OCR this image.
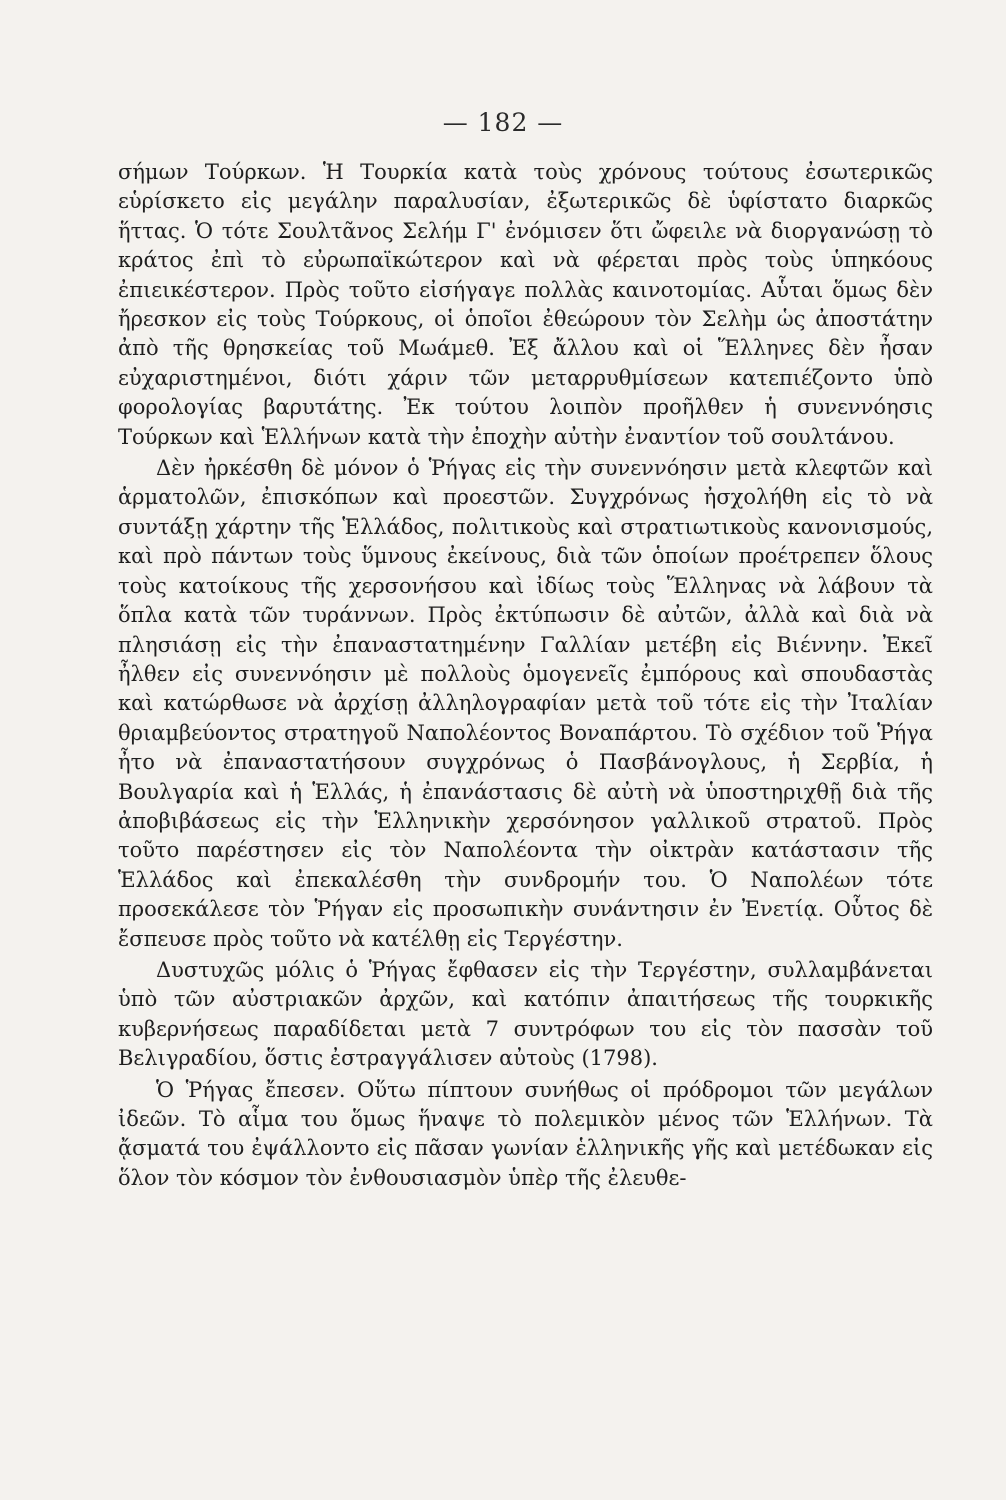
— 182 —

σήμων Τούρκων. Ἡ Τουρκία κατὰ τοὺς χρόνους τούτους ἐσωτερικῶς εὑρίσκετο εἰς μεγάλην παραλυσίαν, ἐξωτερικῶς δὲ ὑφίστατο διαρκῶς ἥττας. Ὁ τότε Σουλτᾶνος Σελήμ Γ' ἐνόμισεν ὅτι ὤφειλε νὰ διοργανώσῃ τὸ κράτος ἐπὶ τὸ εὐρωπαϊκώτερον καὶ νὰ φέρεται πρὸς τοὺς ὑπηκόους ἐπιεικέστερον. Πρὸς τοῦτο εἰσήγαγε πολλὰς καινοτομίας. Αὗται ὅμως δὲν ἤρεσκον εἰς τοὺς Τούρκους, οἱ ὁποῖοι ἐθεώρουν τὸν Σελὴμ ὡς ἀποστάτην ἀπὸ τῆς θρησκείας τοῦ Μωάμεθ. Ἐξ ἄλλου καὶ οἱ Ἕλληνες δὲν ἦσαν εὐχαριστημένοι, διότι χάριν τῶν μεταρρυθμίσεων κατεπιέζοντο ὑπὸ φορολογίας βαρυτάτης. Ἐκ τούτου λοιπὸν προῆλθεν ἡ συνεννόησις Τούρκων καὶ Ἑλλήνων κατὰ τὴν ἐποχὴν αὐτὴν ἐναντίον τοῦ σουλτάνου.

Δὲν ἠρκέσθη δὲ μόνον ὁ Ῥήγας εἰς τὴν συνεννόησιν μετὰ κλεφτῶν καὶ ἁρματολῶν, ἐπισκόπων καὶ προεστῶν. Συγχρόνως ἠσχολήθη εἰς τὸ νὰ συντάξῃ χάρτην τῆς Ἑλλάδος, πολιτικοὺς καὶ στρατιωτικοὺς κανονισμούς, καὶ πρὸ πάντων τοὺς ὕμνους ἐκείνους, διὰ τῶν ὁποίων προέτρεπεν ὅλους τοὺς κατοίκους τῆς χερσονήσου καὶ ἰδίως τοὺς Ἕλληνας νὰ λάβουν τὰ ὅπλα κατὰ τῶν τυράννων. Πρὸς ἐκτύπωσιν δὲ αὐτῶν, ἀλλὰ καὶ διὰ νὰ πλησιάσῃ εἰς τὴν ἐπαναστατημένην Γαλλίαν μετέβη εἰς Βιέννην. Ἐκεῖ ἦλθεν εἰς συνεννόησιν μὲ πολλοὺς ὁμογενεῖς ἐμπόρους καὶ σπουδαστὰς καὶ κατώρθωσε νὰ ἀρχίσῃ ἀλληλογραφίαν μετὰ τοῦ τότε εἰς τὴν Ἰταλίαν θριαμβεύοντος στρατηγοῦ Ναπολέοντος Βοναπάρτου. Τὸ σχέδιον τοῦ Ῥήγα ἦτο νὰ ἐπαναστατήσουν συγχρόνως ὁ Πασβάνογλους, ἡ Σερβία, ἡ Βουλγαρία καὶ ἡ Ἑλλάς, ἡ ἐπανάστασις δὲ αὐτὴ νὰ ὑποστηριχθῇ διὰ τῆς ἀποβιβάσεως εἰς τὴν Ἑλληνικὴν χερσόνησον γαλλικοῦ στρατοῦ. Πρὸς τοῦτο παρέστησεν εἰς τὸν Ναπολέοντα τὴν οἰκτρὰν κατάστασιν τῆς Ἑλλάδος καὶ ἐπεκαλέσθη τὴν συνδρομήν του. Ὁ Ναπολέων τότε προσεκάλεσε τὸν Ῥήγαν εἰς προσωπικὴν συνάντησιν ἐν Ἐνετίᾳ. Οὗτος δὲ ἔσπευσε πρὸς τοῦτο νὰ κατέλθῃ εἰς Τεργέστην.

Δυστυχῶς μόλις ὁ Ῥήγας ἔφθασεν εἰς τὴν Τεργέστην, συλλαμβάνεται ὑπὸ τῶν αὐστριακῶν ἀρχῶν, καὶ κατόπιν ἀπαιτήσεως τῆς τουρκικῆς κυβερνήσεως παραδίδεται μετὰ 7 συντρόφων του εἰς τὸν πασσὰν τοῦ Βελιγραδίου, ὅστις ἐστραγγάλισεν αὐτοὺς (1798).

Ὁ Ῥήγας ἔπεσεν. Οὕτω πίπτουν συνήθως οἱ πρόδρομοι τῶν μεγάλων ἰδεῶν. Τὸ αἷμα του ὅμως ἥναψε τὸ πολεμικὸν μένος τῶν Ἑλλήνων. Τὰ ᾄσματά του ἐψάλλοντο εἰς πᾶσαν γωνίαν ἑλληνικῆς γῆς καὶ μετέδωκαν εἰς ὅλον τὸν κόσμον τὸν ἐνθουσιασμὸν ὑπὲρ τῆς ἐλευθε-
